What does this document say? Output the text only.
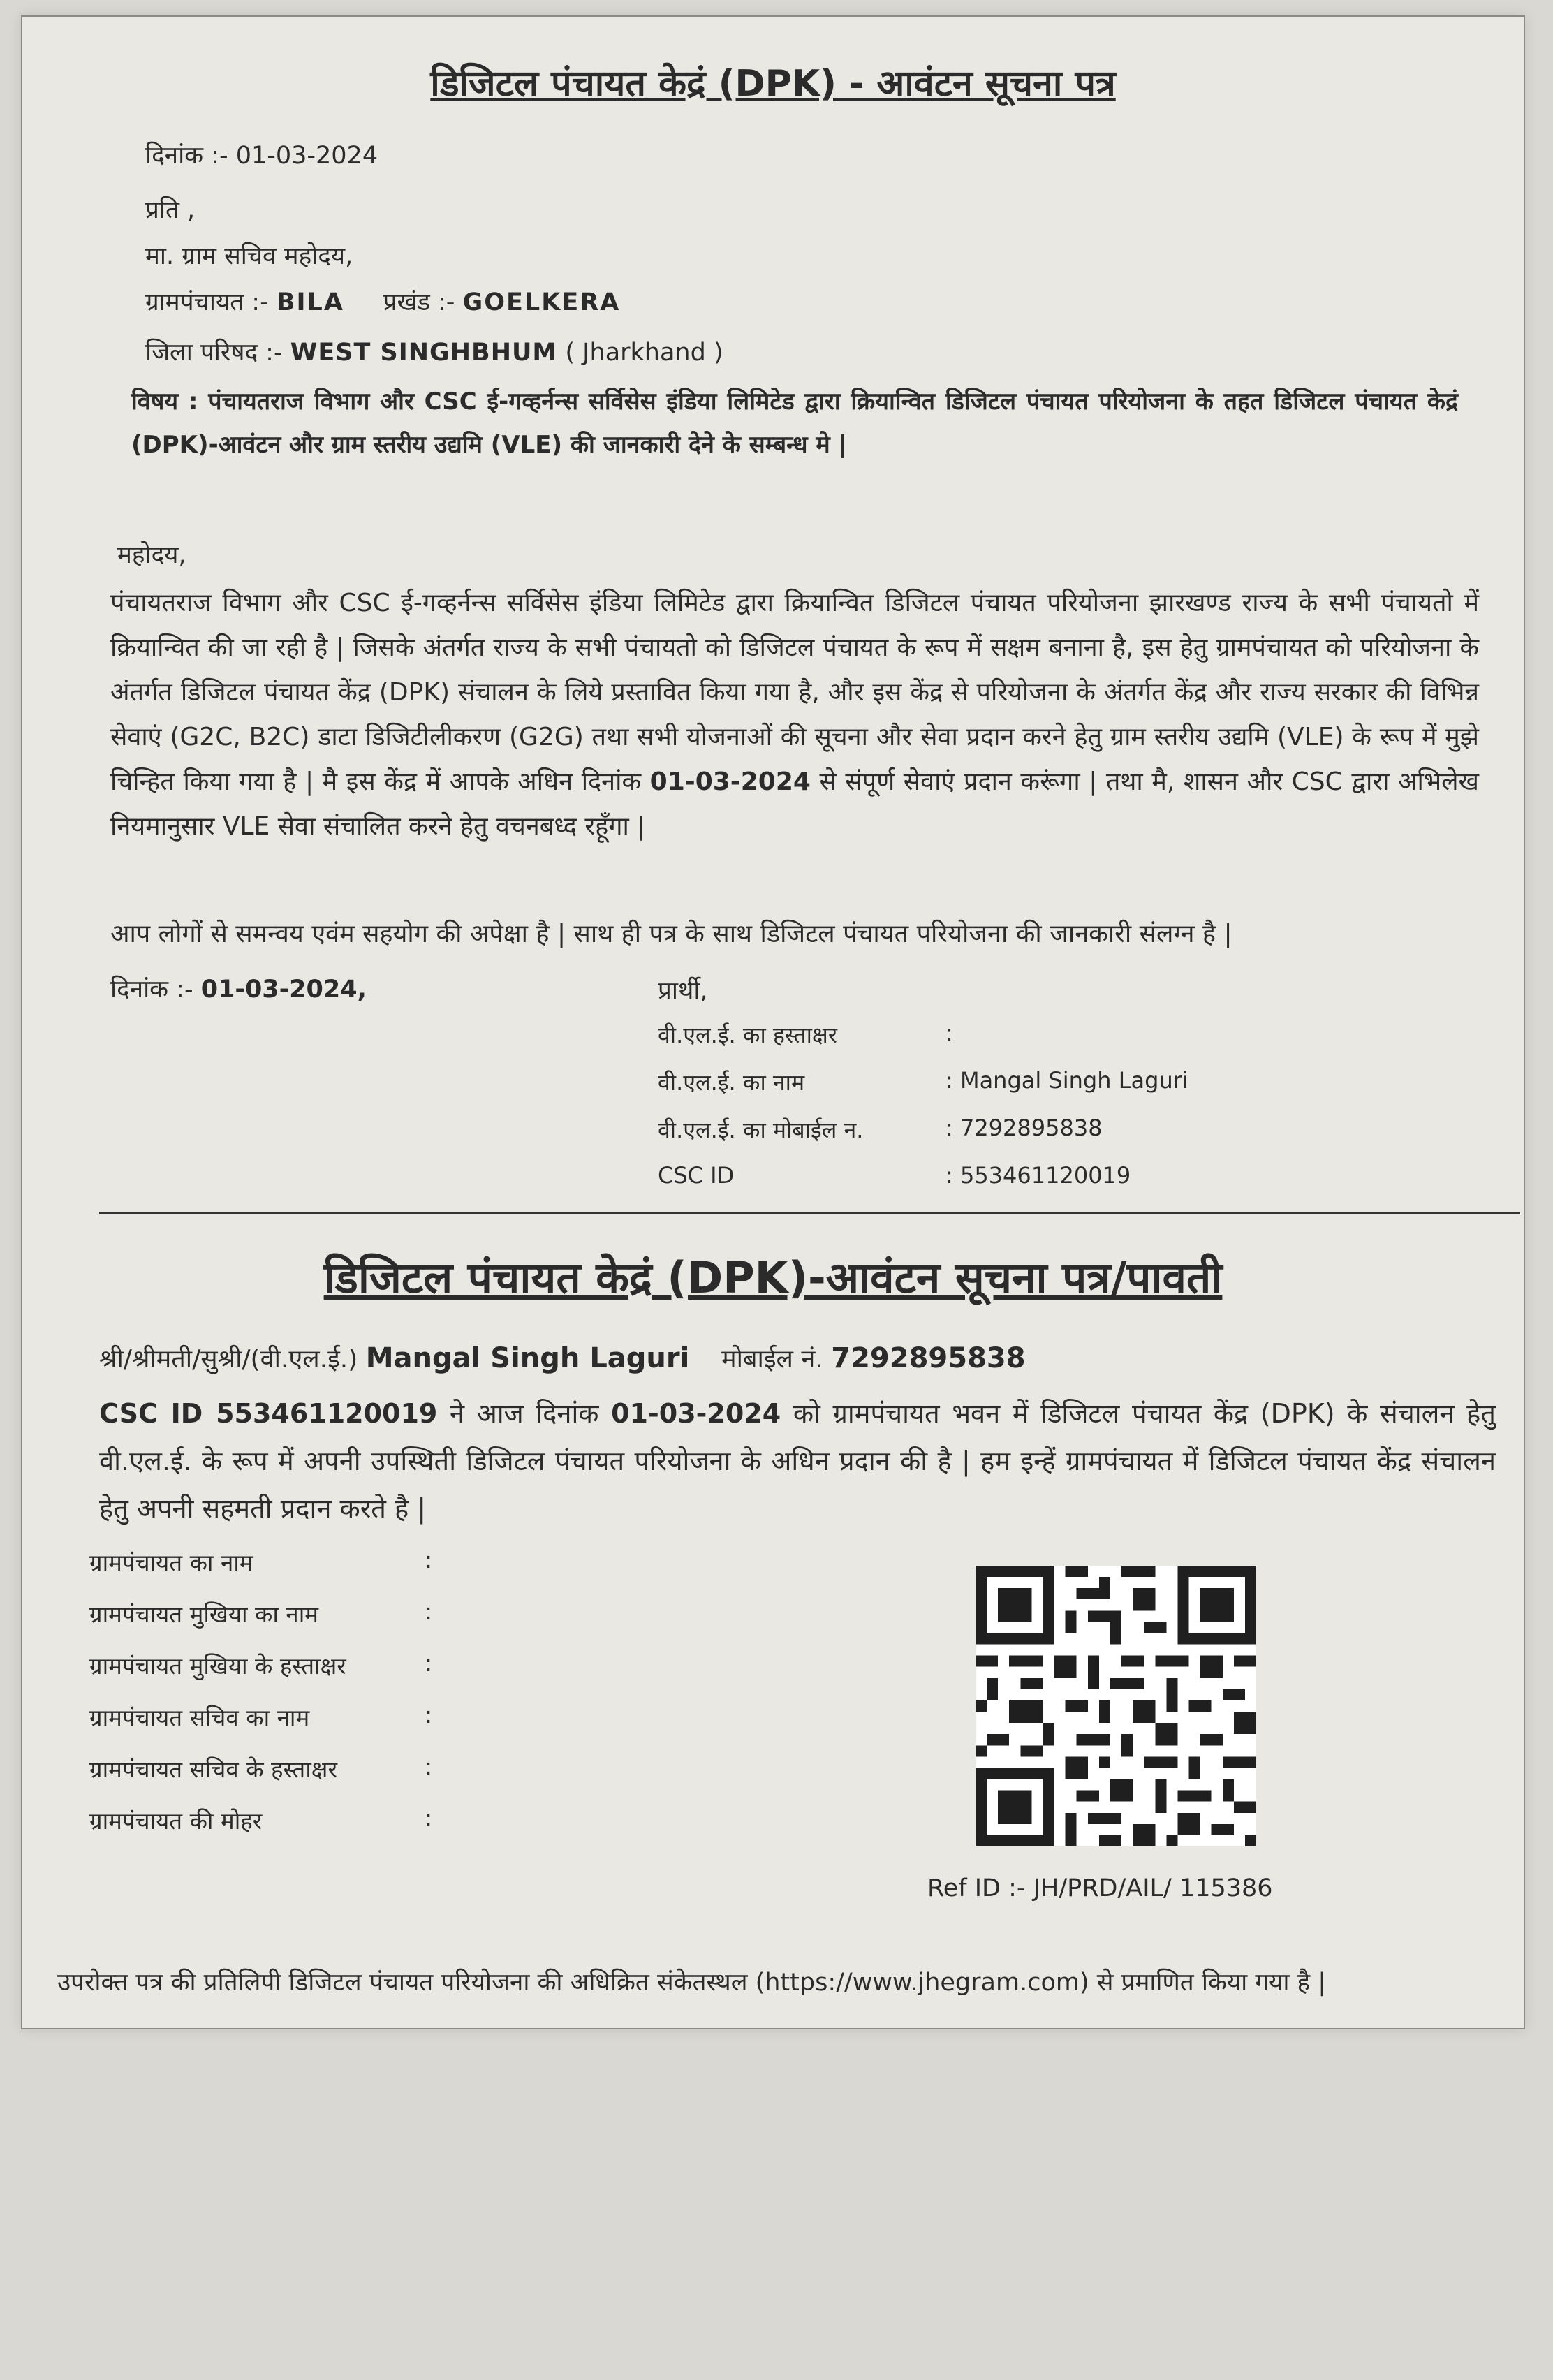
डिजिटल पंचायत केद्रं (DPK) - आवंटन सूचना पत्र
दिनांक :- 01-03-2024
प्रति ,
मा. ग्राम सचिव महोदय,
ग्रामपंचायत :- BILA प्रखंड :- GOELKERA
जिला परिषद :- WEST SINGHBHUM ( Jharkhand )
विषय : पंचायतराज विभाग और CSC ई-गव्हर्नन्स सर्विसेस इंडिया लिमिटेड द्वारा क्रियान्वित डिजिटल पंचायत परियोजना के तहत डिजिटल पंचायत केद्रं (DPK)-आवंटन और ग्राम स्तरीय उद्यमि (VLE) की जानकारी देने के सम्बन्ध मे |
महोदय,
पंचायतराज विभाग और CSC ई-गव्हर्नन्स सर्विसेस इंडिया लिमिटेड द्वारा क्रियान्वित डिजिटल पंचायत परियोजना झारखण्ड राज्य के सभी पंचायतो में क्रियान्वित की जा रही है | जिसके अंतर्गत राज्य के सभी पंचायतो को डिजिटल पंचायत के रूप में सक्षम बनाना है, इस हेतु ग्रामपंचायत को परियोजना के अंतर्गत डिजिटल पंचायत केंद्र (DPK) संचालन के लिये प्रस्तावित किया गया है, और इस केंद्र से परियोजना के अंतर्गत केंद्र और राज्य सरकार की विभिन्न सेवाएं (G2C, B2C) डाटा डिजिटीलीकरण (G2G) तथा सभी योजनाओं की सूचना और सेवा प्रदान करने हेतु ग्राम स्तरीय उद्यमि (VLE) के रूप में मुझे चिन्हित किया गया है | मै इस केंद्र में आपके अधिन दिनांक 01-03-2024 से संपूर्ण सेवाएं प्रदान करूंगा | तथा मै, शासन और CSC द्वारा अभिलेख नियमानुसार VLE सेवा संचालित करने हेतु वचनबध्द रहूँगा |
आप लोगों से समन्वय एवंम सहयोग की अपेक्षा है | साथ ही पत्र के साथ डिजिटल पंचायत परियोजना की जानकारी संलग्न है |
दिनांक :- 01-03-2024,	प्रार्थी,
वी.एल.ई. का हस्ताक्षर	:
वी.एल.ई. का नाम	: Mangal Singh Laguri
वी.एल.ई. का मोबाईल न.	: 7292895838
CSC ID	: 553461120019
डिजिटल पंचायत केद्रं (DPK)-आवंटन सूचना पत्र/पावती
श्री/श्रीमती/सुश्री/(वी.एल.ई.) Mangal Singh Laguri मोबाईल नं. 7292895838
CSC ID 553461120019 ने आज दिनांक 01-03-2024 को ग्रामपंचायत भवन में डिजिटल पंचायत केंद्र (DPK) के संचालन हेतु वी.एल.ई. के रूप में अपनी उपस्थिती डिजिटल पंचायत परियोजना के अधिन प्रदान की है | हम इन्हें ग्रामपंचायत में डिजिटल पंचायत केंद्र संचालन हेतु अपनी सहमती प्रदान करते है |
ग्रामपंचायत का नाम	:
ग्रामपंचायत मुखिया का नाम	:
ग्रामपंचायत मुखिया के हस्ताक्षर	:
ग्रामपंचायत सचिव का नाम	:
ग्रामपंचायत सचिव के हस्ताक्षर	:
ग्रामपंचायत की मोहर	:
Ref ID :- JH/PRD/AIL/ 115386
उपरोक्त पत्र की प्रतिलिपी डिजिटल पंचायत परियोजना की अधिक्रित संकेतस्थल (https://www.jhegram.com) से प्रमाणित किया गया है |
